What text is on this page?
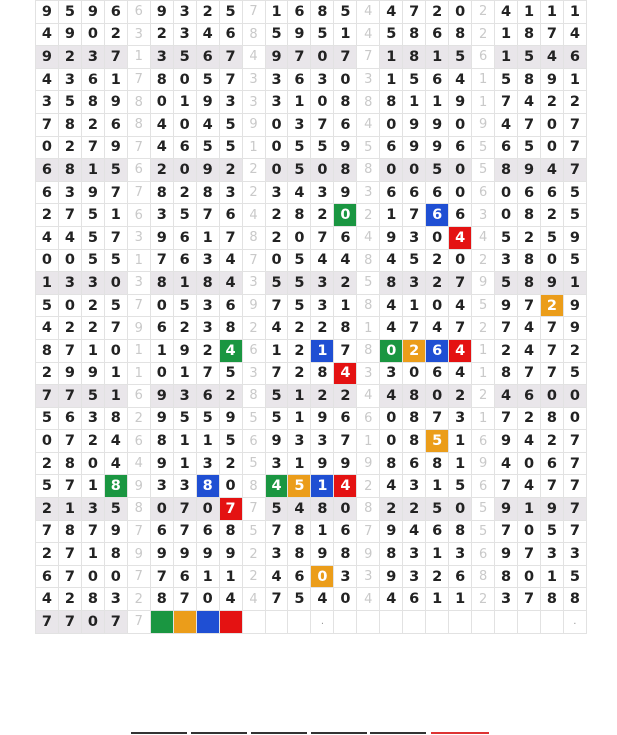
9	5	9	6	6	9	3	2	5	7	1	6	8	5	4	4	7	2	0	2	4	1	1	1
4	9	0	2	3	2	3	4	6	8	5	9	5	1	4	5	8	6	8	2	1	8	7	4
9	2	3	7	1	3	5	6	7	4	9	7	0	7	7	1	8	1	5	6	1	5	4	6
4	3	6	1	7	8	0	5	7	3	3	6	3	0	3	1	5	6	4	1	5	8	9	1
3	5	8	9	8	0	1	9	3	3	3	1	0	8	8	8	1	1	9	1	7	4	2	2
7	8	2	6	8	4	0	4	5	9	0	3	7	6	4	0	9	9	0	9	4	7	0	7
0	2	7	9	7	4	6	5	5	1	0	5	5	9	5	6	9	9	6	5	6	5	0	7
6	8	1	5	6	2	0	9	2	2	0	5	0	8	8	0	0	5	0	5	8	9	4	7
6	3	9	7	7	8	2	8	3	2	3	4	3	9	3	6	6	6	0	6	0	6	6	5
2	7	5	1	6	3	5	7	6	4	2	8	2	0	2	1	7	6	6	3	0	8	2	5
4	4	5	7	3	9	6	1	7	8	2	0	7	6	4	9	3	0	4	4	5	2	5	9
0	0	5	5	1	7	6	3	4	7	0	5	4	4	8	4	5	2	0	2	3	8	0	5
1	3	3	0	3	8	1	8	4	3	5	5	3	2	5	8	3	2	7	9	5	8	9	1
5	0	2	5	7	0	5	3	6	9	7	5	3	1	8	4	1	0	4	5	9	7	2	9
4	2	2	7	9	6	2	3	8	2	4	2	2	8	1	4	7	4	7	2	7	4	7	9
8	7	1	0	1	1	9	2	4	6	1	2	1	7	8	0	2	6	4	1	2	4	7	2
2	9	9	1	1	0	1	7	5	3	7	2	8	4	3	3	0	6	4	1	8	7	7	5
7	7	5	1	6	9	3	6	2	8	5	1	2	2	4	4	8	0	2	2	4	6	0	0
5	6	3	8	2	9	5	5	9	5	5	1	9	6	6	0	8	7	3	1	7	2	8	0
0	7	2	4	6	8	1	1	5	6	9	3	3	7	1	0	8	5	1	6	9	4	2	7
2	8	0	4	4	9	1	3	2	5	3	1	9	9	9	8	6	8	1	9	4	0	6	7
5	7	1	8	9	3	3	8	0	8	4	5	1	4	2	4	3	1	5	6	7	4	7	7
2	1	3	5	8	0	7	0	7	7	5	4	8	0	8	2	2	5	0	5	9	1	9	7
7	8	7	9	7	6	7	6	8	5	7	8	1	6	7	9	4	6	8	5	7	0	5	7
2	7	1	8	9	9	9	9	9	2	3	8	9	8	9	8	3	1	3	6	9	7	3	3
6	7	0	0	7	7	6	1	1	2	4	6	0	3	3	9	3	2	6	8	8	0	1	5
4	2	8	3	2	8	7	0	4	4	7	5	4	0	4	4	6	1	1	2	3	7	8	8
7	7	0	7	7								.											.
